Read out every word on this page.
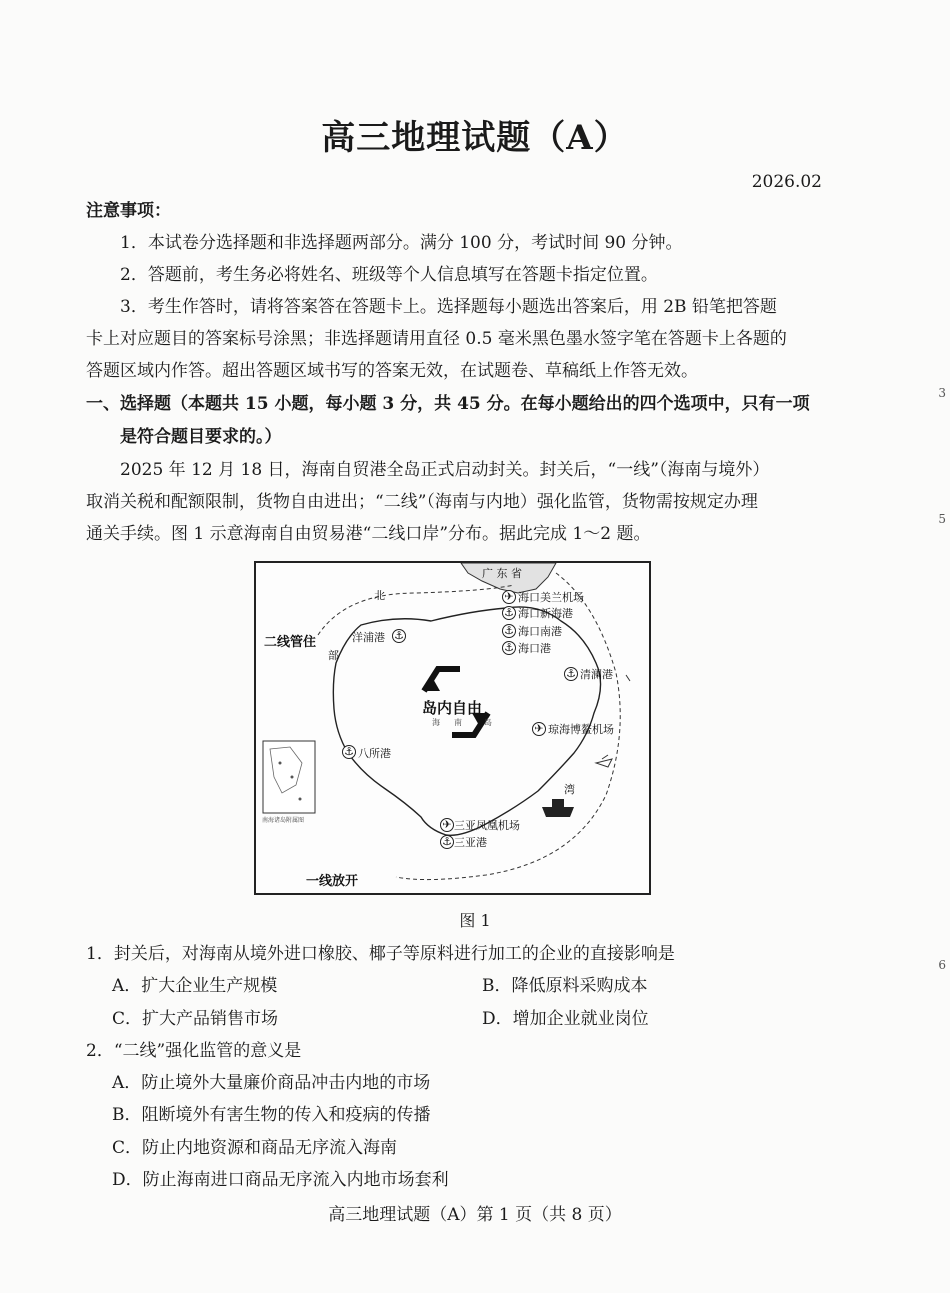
高三地理试题（A）
2026.02
注意事项：
1．本试卷分选择题和非选择题两部分。满分 100 分，考试时间 90 分钟。
2．答题前，考生务必将姓名、班级等个人信息填写在答题卡指定位置。
3．考生作答时，请将答案答在答题卡上。选择题每小题选出答案后，用 2B 铅笔把答题
卡上对应题目的答案标号涂黑；非选择题请用直径 0.5 毫米黑色墨水签字笔在答题卡上各题的
答题区域内作答。超出答题区域书写的答案无效，在试题卷、草稿纸上作答无效。
一、选择题（本题共 15 小题，每小题 3 分，共 45 分。在每小题给出的四个选项中，只有一项
是符合题目要求的。）
2025 年 12 月 18 日，海南自贸港全岛正式启动封关。封关后，“一线”（海南与境外）
取消关税和配额限制，货物自由进出；“二线”（海南与内地）强化监管，货物需按规定办理
通关手续。图 1 示意海南自由贸易港“二线口岸”分布。据此完成 1～2 题。
广 东 省
北
部
湾
二线管住
一线放开
岛内自由
海 南	岛
南海诸岛附属图
✈ 海口美兰机场
⚓ 海口新海港
⚓ 海口南港
⚓ 海口港
⚓
洋浦港
⚓ 清澜港
✈ 琼海博鳌机场
⚓ 八所港
✈ 三亚凤凰机场
⚓ 三亚港
图 1
1．封关后，对海南从境外进口橡胶、椰子等原料进行加工的企业的直接影响是
A．扩大企业生产规模	B．降低原料采购成本
C．扩大产品销售市场	D．增加企业就业岗位
2．“二线”强化监管的意义是
A．防止境外大量廉价商品冲击内地的市场
B．阻断境外有害生物的传入和疫病的传播
C．防止内地资源和商品无序流入海南
D．防止海南进口商品无序流入内地市场套利
3
5
6
高三地理试题（A）第 1 页（共 8 页）
